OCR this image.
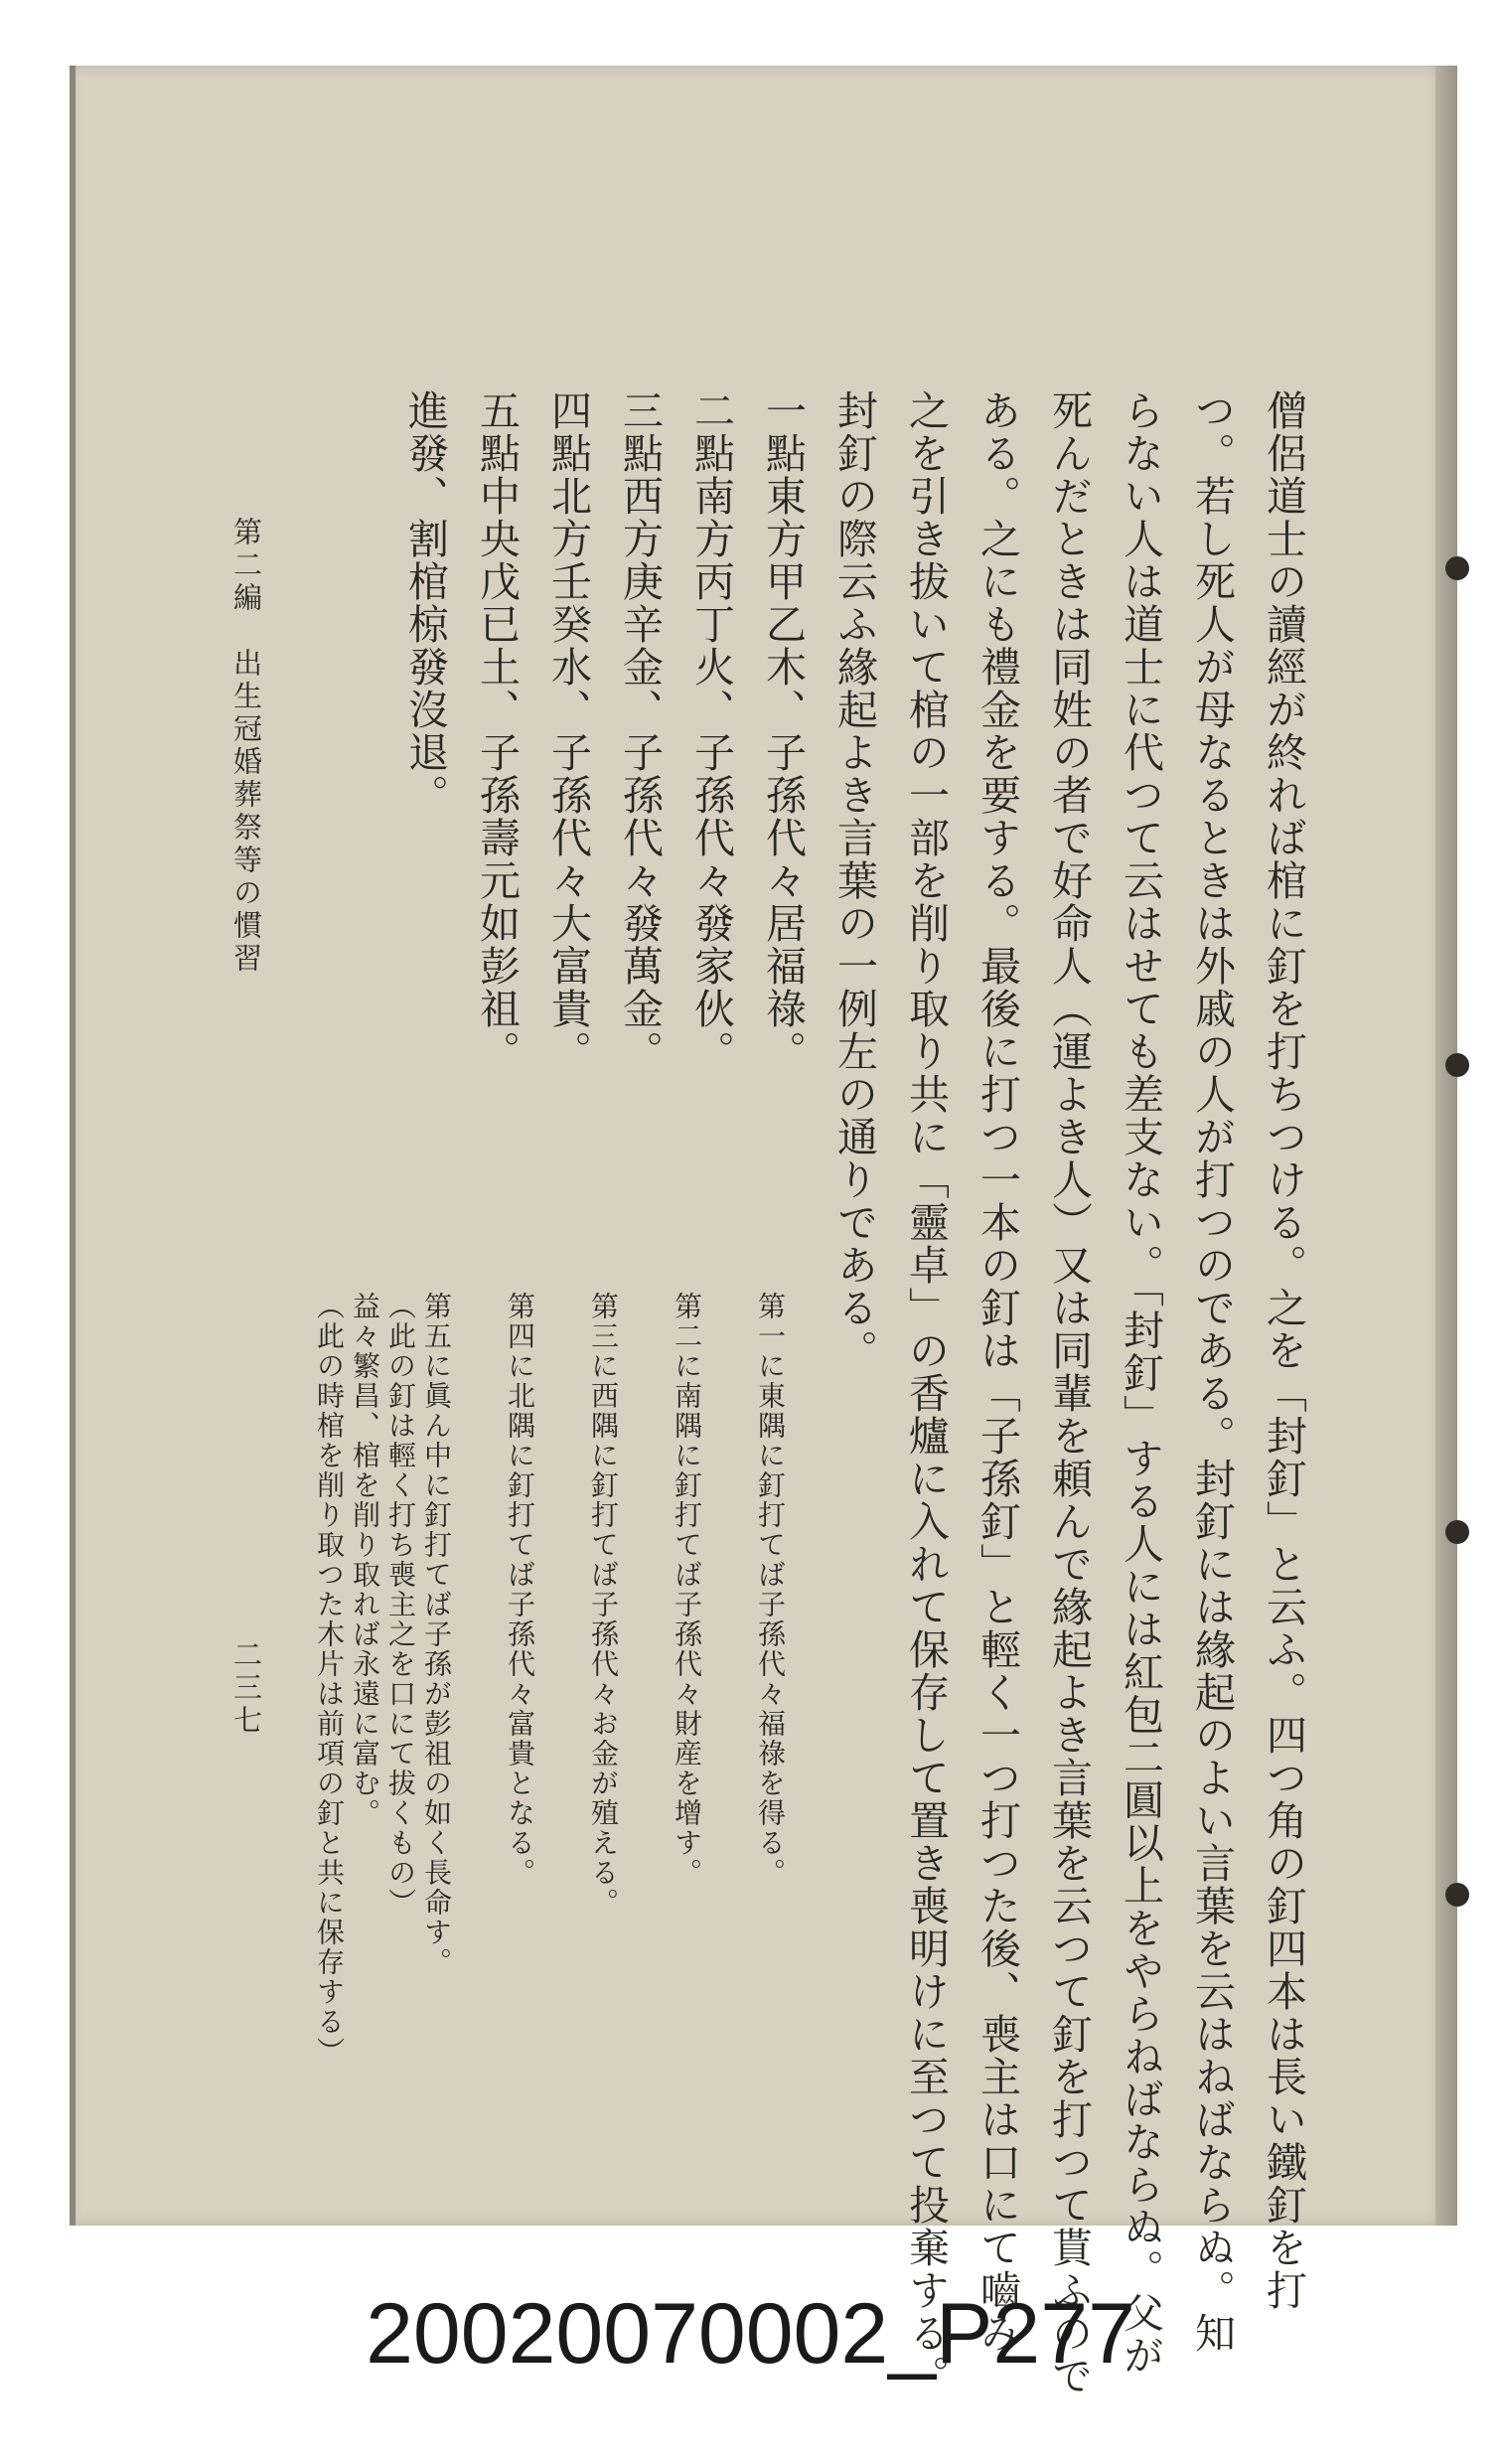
僧侶道士の讀經が終れば棺に釘を打ちつける。之を「封釘」と云ふ。四つ角の釘四本は長い鐵釘を打
つ。若し死人が母なるときは外戚の人が打つのである。封釘には緣起のよい言葉を云はねばならぬ。知
らない人は道士に代つて云はせても差支ない。「封釘」する人には紅包二圓以上をやらねばならぬ。父が
死んだときは同姓の者で好命人（運よき人）又は同輩を頼んで緣起よき言葉を云つて釘を打つて貰ふので
ある。之にも禮金を要する。最後に打つ一本の釘は「子孫釘」と輕く一つ打つた後、喪主は口にて嚙み
之を引き拔いて棺の一部を削り取り共に「靈卓」の香爐に入れて保存して置き喪明けに至つて投棄する。
封釘の際云ふ緣起よき言葉の一例左の通りである。
一點東方甲乙木、子孫代々居福祿。
二點南方丙丁火、子孫代々發家伙。
三點西方庚辛金、子孫代々發萬金。
四點北方壬癸水、子孫代々大富貴。
五點中央戊已土、子孫壽元如彭祖。
進發、割棺椋發沒退。
第一に東隅に釘打てば子孫代々福祿を得る。
第二に南隅に釘打てば子孫代々財産を增す。
第三に西隅に釘打てば子孫代々お金が殖える。
第四に北隅に釘打てば子孫代々富貴となる。
第五に眞ん中に釘打てば子孫が彭祖の如く長命す。
（此の釘は輕く打ち喪主之を口にて拔くもの）
益々繁昌、棺を削り取れば永遠に富む。
（此の時棺を削り取つた木片は前項の釘と共に保存する）
第二編　出生冠婚葬祭等の慣習
二三七
20020070002_P277
